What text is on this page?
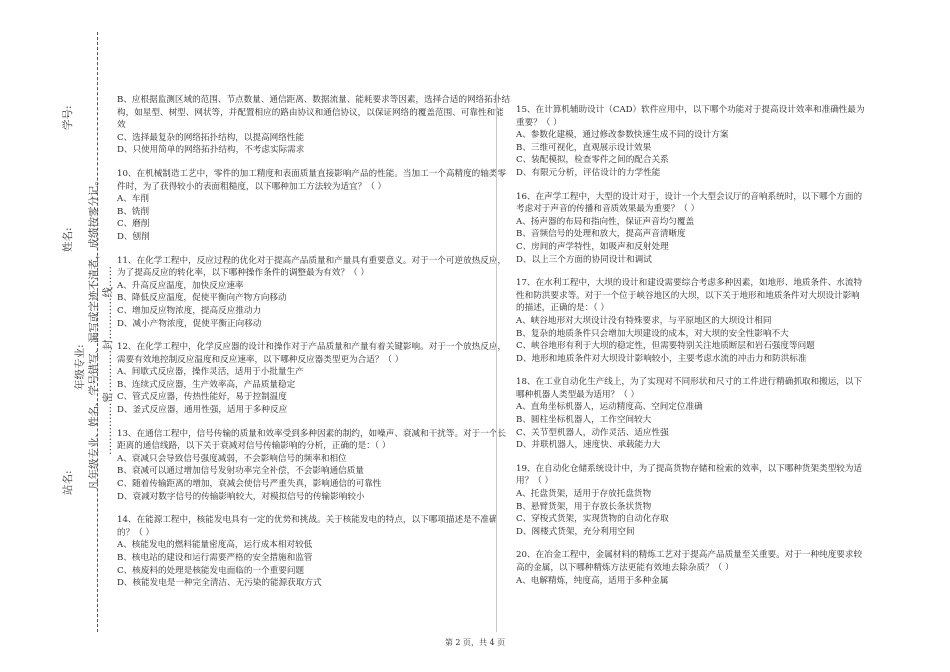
学号:
姓名:
站名:
年级专业: 凡年级专业、姓名、学号错写、漏写或字迹不清者，成绩按零分记。 ……………密…………封…………线……

B、应根据监测区域的范围、节点数量、通信距离、数据流量、能耗要求等因素，选择合适的网络拓扑结构，如星型、树型、网状等，并配置相应的路由协议和通信协议，以保证网络的覆盖范围、可靠性和能效

C、选择最复杂的网络拓扑结构，以提高网络性能

D、只使用简单的网络拓扑结构，不考虑实际需求

10、在机械制造工艺中，零件的加工精度和表面质量直接影响产品的性能。当加工一个高精度的轴类零件时，为了获得较小的表面粗糙度，以下哪种加工方法较为适宜？（ ）

A、车削

B、铣削

C、磨削

D、刨削

11、在化学工程中，反应过程的优化对于提高产品质量和产量具有重要意义。对于一个可逆放热反应，为了提高反应的转化率，以下哪种操作条件的调整最为有效？（ ）

A、升高反应温度，加快反应速率

B、降低反应温度，促使平衡向产物方向移动

C、增加反应物浓度，提高反应推动力

D、减小产物浓度，促使平衡正向移动

12、在化学工程中，化学反应器的设计和操作对于产品质量和产量有着关键影响。对于一个放热反应，需要有效地控制反应温度和反应速率，以下哪种反应器类型更为合适？（ ）

A、间歇式反应器，操作灵活，适用于小批量生产

B、连续式反应器，生产效率高，产品质量稳定

C、管式反应器，传热性能好，易于控制温度

D、釜式反应器，通用性强，适用于多种反应

13、在通信工程中，信号传输的质量和效率受到多种因素的制约，如噪声、衰减和干扰等。对于一个长距离的通信线路，以下关于衰减对信号传输影响的分析，正确的是：（ ）

A、衰减只会导致信号强度减弱，不会影响信号的频率和相位

B、衰减可以通过增加信号发射功率完全补偿，不会影响通信质量

C、随着传输距离的增加，衰减会使信号严重失真，影响通信的可靠性

D、衰减对数字信号的传输影响较大，对模拟信号的传输影响较小

14、在能源工程中，核能发电具有一定的优势和挑战。关于核能发电的特点，以下哪项描述是不准确的？（ ）

A、核能发电的燃料能量密度高，运行成本相对较低

B、核电站的建设和运行需要严格的安全措施和监管

C、核废料的处理是核能发电面临的一个重要问题

D、核能发电是一种完全清洁、无污染的能源获取方式

15、在计算机辅助设计（CAD）软件应用中，以下哪个功能对于提高设计效率和准确性最为重要？（ ）

A、参数化建模，通过修改参数快速生成不同的设计方案

B、三维可视化，直观展示设计效果

C、装配模拟，检查零件之间的配合关系

D、有限元分析，评估设计的力学性能

16、在声学工程中，大型的设计对于，设计一个大型会议厅的音响系统时，以下哪个方面的考虑对于声音的传播和音质效果最为重要？（ ）

A、扬声器的布局和指向性，保证声音均匀覆盖

B、音频信号的处理和放大，提高声音清晰度

C、房间的声学特性，如吸声和反射处理

D、以上三个方面的协同设计和调试

17、在水利工程中，大坝的设计和建设需要综合考虑多种因素，如地形、地质条件、水流特性和防洪要求等。对于一个位于峡谷地区的大坝，以下关于地形和地质条件对大坝设计影响的描述，正确的是：（ ）

A、峡谷地形对大坝设计没有特殊要求，与平原地区的大坝设计相同

B、复杂的地质条件只会增加大坝建设的成本，对大坝的安全性影响不大

C、峡谷地形有利于大坝的稳定性，但需要特别关注地质断层和岩石强度等问题

D、地形和地质条件对大坝设计影响较小，主要考虑水流的冲击力和防洪标准

18、在工业自动化生产线上，为了实现对不同形状和尺寸的工件进行精确抓取和搬运，以下哪种机器人类型最为适用？（ ）

A、直角坐标机器人，运动精度高、空间定位准确

B、圆柱坐标机器人，工作空间较大

C、关节型机器人，动作灵活、适应性强

D、并联机器人，速度快、承载能力大

19、在自动化仓储系统设计中，为了提高货物存储和检索的效率，以下哪种货架类型较为适用？（ ）

A、托盘货架，适用于存放托盘货物

B、悬臂货架，用于存放长条状货物

C、穿梭式货架，实现货物的自动化存取

D、阁楼式货架，充分利用空间

20、在冶金工程中，金属材料的精炼工艺对于提高产品质量至关重要。对于一种纯度要求较高的金属，以下哪种精炼方法更能有效地去除杂质？（ ）

A、电解精炼，纯度高，适用于多种金属

第 2 页，共 4 页
